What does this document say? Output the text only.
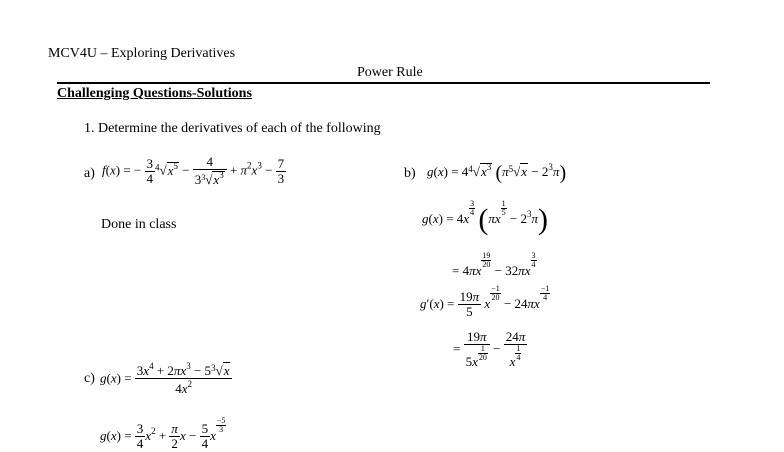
MCV4U – Exploring Derivatives
Power Rule
Challenging Questions-Solutions
1. Determine the derivatives of each of the following
a) f(x) = − $\frac{3}{4} ^4√x^5 - \frac{4}{3^3√x^3} + \pi^2x^3 - \frac{7}{3}$
Done in class
b) $g(x) = 4^4√x^3$ $(\pi^5√x - 2^3\pi)$
g(x) = 4x
$\frac{3}{4} (\pi x$
$\frac{1}{5}$
− $2^3\pi$)
= 4πx
$\frac{19}{20}$
− 32πx
$\frac{3}{4}$
$g'(x) = \frac{19\pi}{5}$ x
$\frac{-1}{20}$
− 24πx
$\frac{-1}{4}$
= $\frac{19\pi}{5x \frac{1}{20}} - \frac{24\pi}{x \frac{1}{4}}$
c) $g(x) = \frac{3x^4 + 2\pi x^3 - 5^3√x}{4x^2}$
$g(x) = \frac{3}{4} x^2 + \frac{\pi}{2}$ $x - \frac{5}{4}$ x
$\frac{-5}{3}$
